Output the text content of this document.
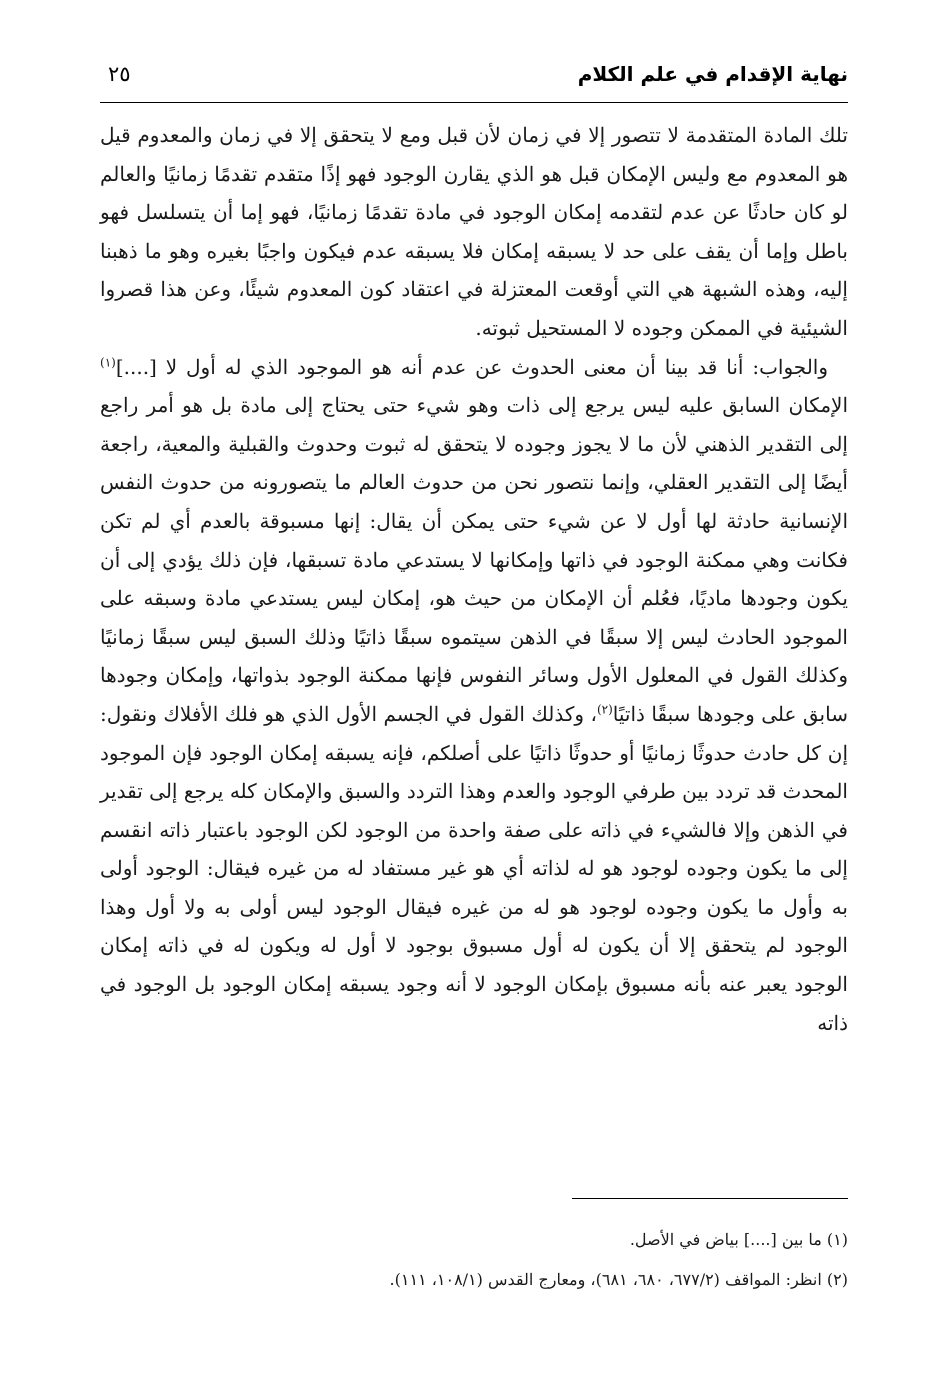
نهاية الإقدام في علم الكلام
٢٥

تلك المادة المتقدمة لا تتصور إلا في زمان لأن قبل ومع لا يتحقق إلا في زمان والمعدوم قيل هو المعدوم مع وليس الإمكان قبل هو الذي يقارن الوجود فهو إذًا متقدم تقدمًا زمانيًا والعالم لو كان حادثًا عن عدم لتقدمه إمكان الوجود في مادة تقدمًا زمانيًا، فهو إما أن يتسلسل فهو باطل وإما أن يقف على حد لا يسبقه إمكان فلا يسبقه عدم فيكون واجبًا بغيره وهو ما ذهبنا إليه، وهذه الشبهة هي التي أوقعت المعتزلة في اعتقاد كون المعدوم شيئًا، وعن هذا قصروا الشيئية في الممكن وجوده لا المستحيل ثبوته.

والجواب: أنا قد بينا أن معنى الحدوث عن عدم أنه هو الموجود الذي له أول لا [....]$^{(١)}$ الإمكان السابق عليه ليس يرجع إلى ذات وهو شيء حتى يحتاج إلى مادة بل هو أمر راجع إلى التقدير الذهني لأن ما لا يجوز وجوده لا يتحقق له ثبوت وحدوث والقبلية والمعية، راجعة أيضًا إلى التقدير العقلي، وإنما نتصور نحن من حدوث العالم ما يتصورونه من حدوث النفس الإنسانية حادثة لها أول لا عن شيء حتى يمكن أن يقال: إنها مسبوقة بالعدم أي لم تكن فكانت وهي ممكنة الوجود في ذاتها وإمكانها لا يستدعي مادة تسبقها، فإن ذلك يؤدي إلى أن يكون وجودها ماديًا، فعُلم أن الإمكان من حيث هو، إمكان ليس يستدعي مادة وسبقه على الموجود الحادث ليس إلا سبقًا في الذهن سيتموه سبقًا ذاتيًا وذلك السبق ليس سبقًا زمانيًا وكذلك القول في المعلول الأول وسائر النفوس فإنها ممكنة الوجود بذواتها، وإمكان وجودها سابق على وجودها سبقًا ذاتيًا$^{(٢)}$، وكذلك القول في الجسم الأول الذي هو فلك الأفلاك ونقول: إن كل حادث حدوثًا زمانيًا أو حدوثًا ذاتيًا على أصلكم، فإنه يسبقه إمكان الوجود فإن الموجود المحدث قد تردد بين طرفي الوجود والعدم وهذا التردد والسبق والإمكان كله يرجع إلى تقدير في الذهن وإلا فالشيء في ذاته على صفة واحدة من الوجود لكن الوجود باعتبار ذاته انقسم إلى ما يكون وجوده لوجود هو له لذاته أي هو غير مستفاد له من غيره فيقال: الوجود أولى به وأول ما يكون وجوده لوجود هو له من غيره فيقال الوجود ليس أولى به ولا أول وهذا الوجود لم يتحقق إلا أن يكون له أول مسبوق بوجود لا أول له ويكون له في ذاته إمكان الوجود يعبر عنه بأنه مسبوق بإمكان الوجود لا أنه وجود يسبقه إمكان الوجود بل الوجود في ذاته

(١) ما بين [....] بياض في الأصل.

(٢) انظر: المواقف (٦٧٧/٢، ٦٨٠، ٦٨١)، ومعارج القدس (١٠٨/١، ١١١).
